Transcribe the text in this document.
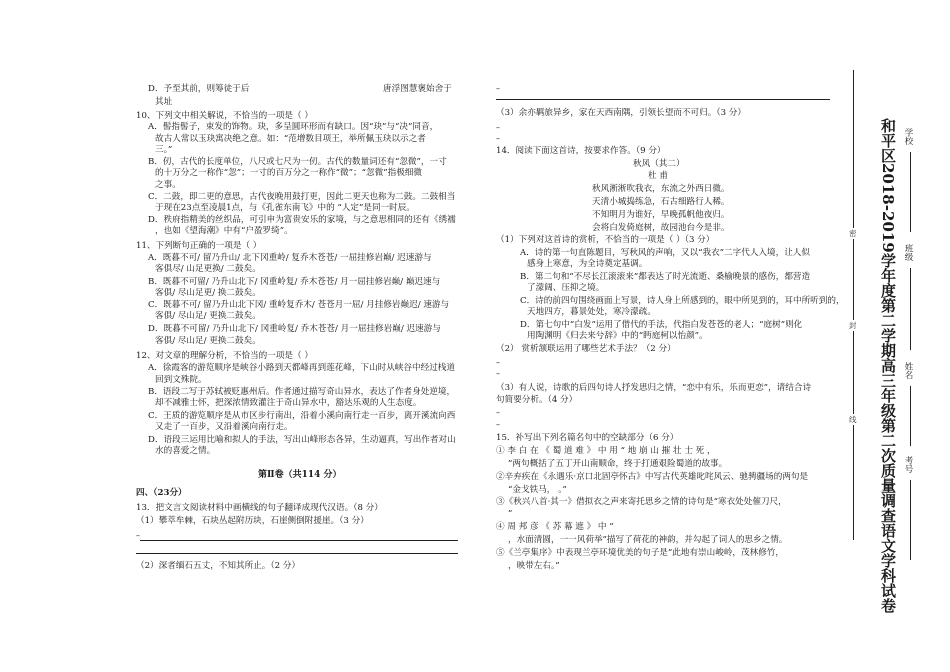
D．予至其前，则筹徒于后	唐浮图慧褒始舍于
其址
10、下列文中相关解说，不恰当的一项是（ ）
A．髻指髻子，束发的饰物。玦，多呈圆环形而有缺口。因“玦”与“决”同音，
故古人常以玉玦寓决绝之意。如：“范增数目项王，举所佩玉玦以示之者
三。”
B．仞，古代的长度单位，八尺或七尺为一仞。古代的数量词还有“忽微”，一寸
的十万分之一称作“忽”；一寸的百万分之一称作“微”；“忽微”指极细微
之事。
C．二鼓，即二更的意思，古代夜晚用鼓打更，因此二更天也称为二鼓。二鼓相当
于现在23点至凌晨1点，与《孔雀东南飞》中的 “人定”是同一时辰。
D．秩府指精美的丝织品，可引申为富贵安乐的家境，与之意思相同的还有《绣襦
，也如《望海潮》中有“户盈罗绮”。
11、下列断句正确的一项是（ ）
A．既暮不可/ 留乃升山/ 北下冈重岭/ 复乔木苍苍/ 一屈挂修岩巅/ 迟速游与
客俱尽/ 山足更换/ 二鼓矣。
B．既暮不可留/ 乃升山北下/ 冈重岭复/ 乔木苍苍/ 月一屈挂修岩巅/ 巅迟速与
客俱/ 尽山足更/ 换二鼓矣。
C．既暮不可/ 留乃升山北下冈/ 重岭复乔木/ 苍苍月一屈/ 月挂修岩巅迟/ 速游与
客俱/ 尽山足/ 更换二鼓矣。
D．既暮不可留/ 乃升山北下/ 冈重岭复/ 乔木苍苍/ 月一屈挂修岩巅/ 迟速游与
客俱/ 尽山足/ 更换二鼓矣。
12、对文章的理解分析，不恰当的一项是（ ）
A．徐霞客的游览顺序是峡谷小路到天都峰再到莲花峰，下山时从峡谷中经过栈道
回到文殊院。
B．语段二写于苏轼被贬惠州后。作者通过描写奇山异水，表达了作者身处逆境，
却不减雅士怀，把深浓情致灌注于奇山异水中，豁达乐观的人生态度。
C．王质的游览顺序是从市区步行南出，沿着小溪向南行走一百步，离开溪流向西
又走了一百步，又沿着溪向南行走。
D．语段三运用比喻和拟人的手法，写出山峰形态各异，生动逼真，写出作者对山
水的喜爱之情。
四、（23分）
13．把文言文阅读材料中画横线的句子翻译成现代汉语。（8 分）
（1）攀萃牟棘，石块丛起附历块，石崖侧倒附援崖。（3 分）
（2）深者缅石五丈，不知其所止。（2 分）
第Ⅱ卷（共114 分）
–
（3）余亦羁旅异乡，家在天西南隅，引领长望而不可归。（3 分）
14．阅读下面这首诗，按要求作答。（9 分）
秋风（其二）
杜 甫
秋风淅淅吹我衣，东流之外西日微。
天清小城捣练急，石古细路行人稀。
不知明月为谁好，早晚孤帆他夜归。
会将白发倚庭树，故园池台今是非。
（1）下列对这首诗的赏析，不恰当的一项是（ ）（3 分）
A．诗的第一句直陈题目，写秋风的声响，又以“我衣”二字代人入境，让人似
感身上寒意，为全诗奠定基调。
B．第二句和“不尽长江滚滚来”都表达了时光流逝、桑榆晚景的感伤，都营造
了濛阔、压抑之境。
C．诗的前四句围绕画面上写景，诗人身上所感到的，眼中所见到的，耳中所听到的，
天地四方，暮景处处，寒冷濛疏。
D．第七句中“白发”运用了借代的手法，代指白发苍苍的老人；“庭树”则化
用陶渊明《归去来兮辞》中的“眄庭柯以怡颜”。
（2） 赏析颔联运用了哪些艺术手法？（2 分）
（3）有人说，诗歌的后四句诗人抒发思归之情，“恋中有乐，乐而更恋”，请结合诗
句简要分析。（4 分）
15．补写出下列名篇名句中的空缺部分（6 分）
① 李 白 在 《 蜀 道 难 》 中 用 “ 地 崩 山 摧 壮 士 死 ，
”两句概括了五丁开山南顺命，终于打通艰险蜀道的故事。
②辛弃疾在《永遇乐·京口北固亭怀古》中写古代英雄叱咤风云、驰骋疆场的两句是
“金戈铁马， 。”
③《秋兴八首·其一》借拟衣之声来寄托思乡之情的诗句是“寒衣处处催刀尺，
”
④ 周 邦 彦 《 苏 幕 遮 》 中 “
，水面清圆，一一风荷举”描写了荷花的神韵，并勾起了词人的思乡之情。
⑤《兰亭集序》中表现兰亭环境优美的句子是“此地有崇山峻岭，茂林修竹，
，映带左右。”
–
–
–
–
–
–
–
密
封
线
学校
班级
姓名
考号
和平区2018-2019学年度第二学期高三年级第二次质量调查语文学科试卷
